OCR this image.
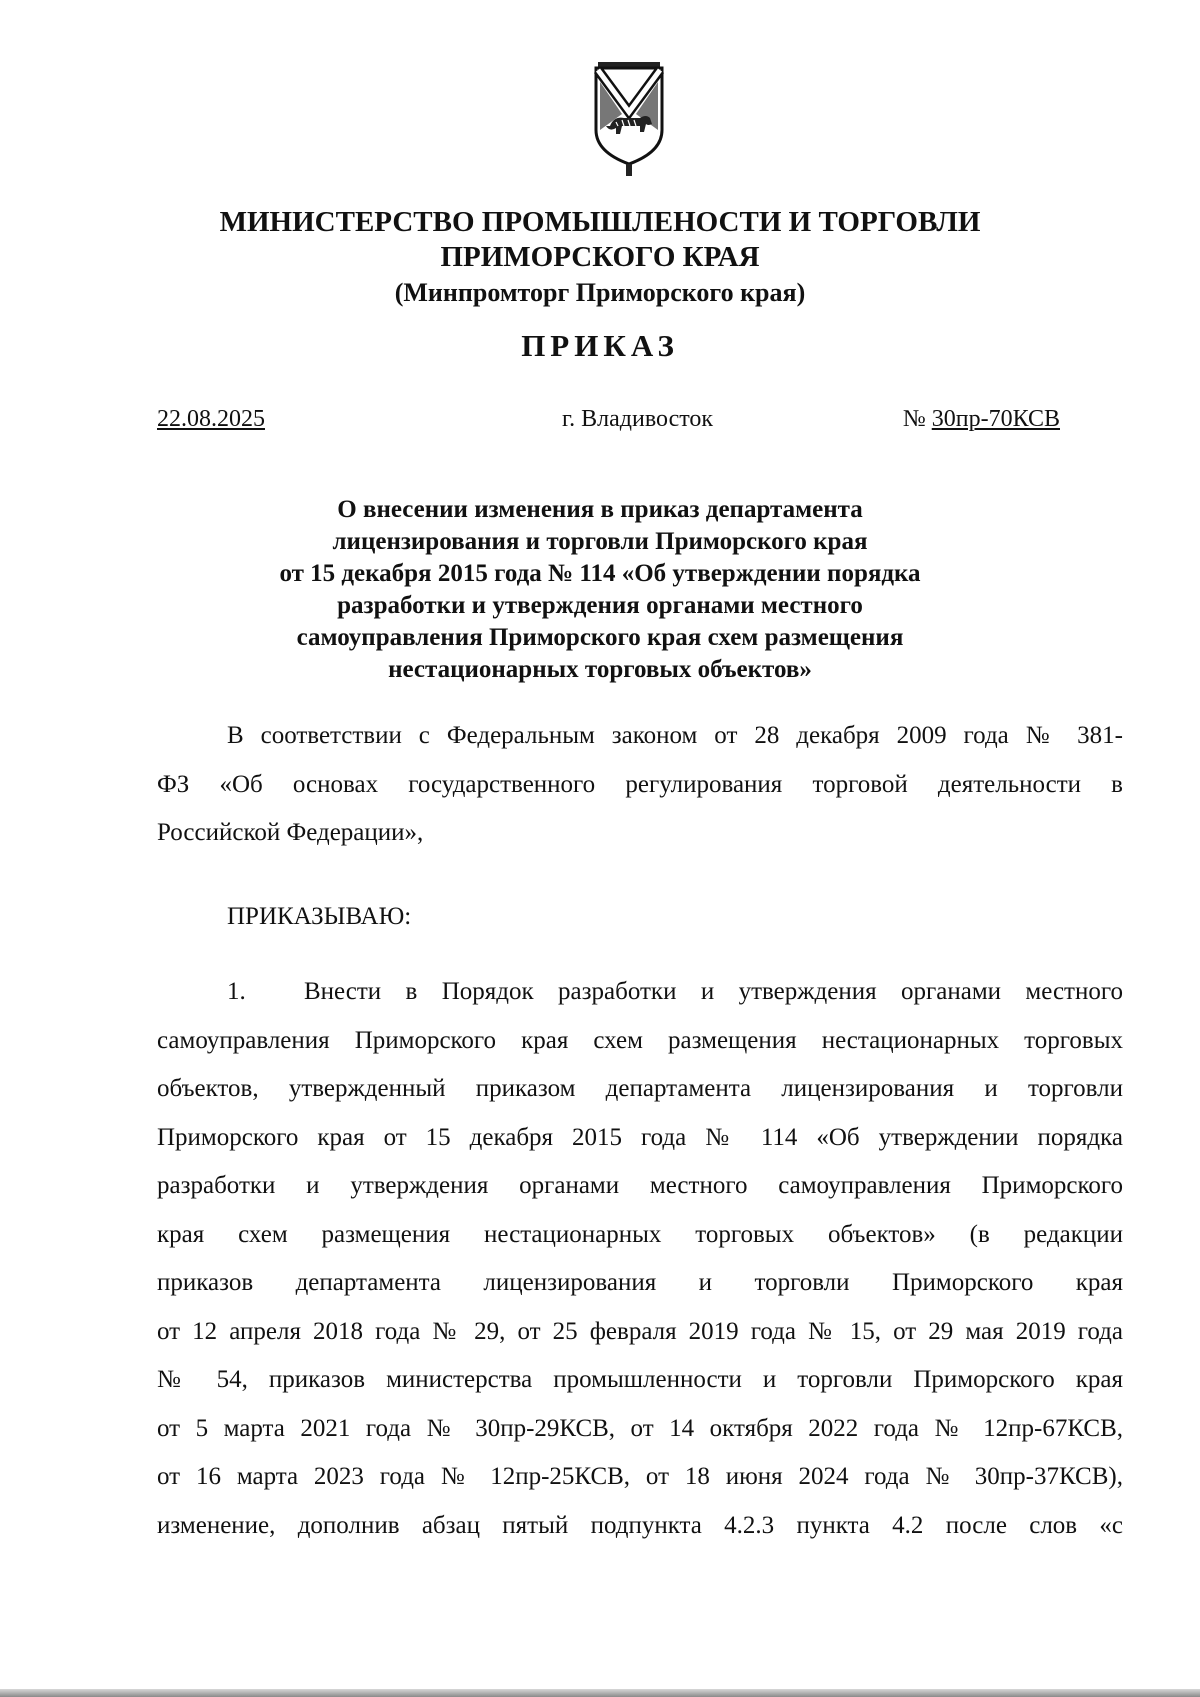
МИНИСТЕРСТВО ПРОМЫШЛЕНОСТИ И ТОРГОВЛИ
ПРИМОРСКОГО КРАЯ
(Минпромторг Приморского края)
ПРИКАЗ
22.08.2025	г. Владивосток	№ 30пр-70КСВ
О внесении изменения в приказ департамента
лицензирования и торговли Приморского края
от 15 декабря 2015 года № 114 «Об утверждении порядка
разработки и утверждения органами местного
самоуправления Приморского края схем размещения
нестационарных торговых объектов»
В соответствии с Федеральным законом от 28 декабря 2009 года № 381-
ФЗ «Об основах государственного регулирования торговой деятельности в
Российской Федерации»,
ПРИКАЗЫВАЮ:
1. Внести в Порядок разработки и утверждения органами местного
самоуправления Приморского края схем размещения нестационарных торговых
объектов, утвержденный приказом департамента лицензирования и торговли
Приморского края от 15 декабря 2015 года № 114 «Об утверждении порядка
разработки и утверждения органами местного самоуправления Приморского
края схем размещения нестационарных торговых объектов» (в редакции
приказов департамента лицензирования и торговли Приморского края
от 12 апреля 2018 года № 29, от 25 февраля 2019 года № 15, от 29 мая 2019 года
№ 54, приказов министерства промышленности и торговли Приморского края
от 5 марта 2021 года № 30пр-29КСВ, от 14 октября 2022 года № 12пр-67КСВ,
от 16 марта 2023 года № 12пр-25КСВ, от 18 июня 2024 года № 30пр-37КСВ),
изменение, дополнив абзац пятый подпункта 4.2.3 пункта 4.2 после слов «с
